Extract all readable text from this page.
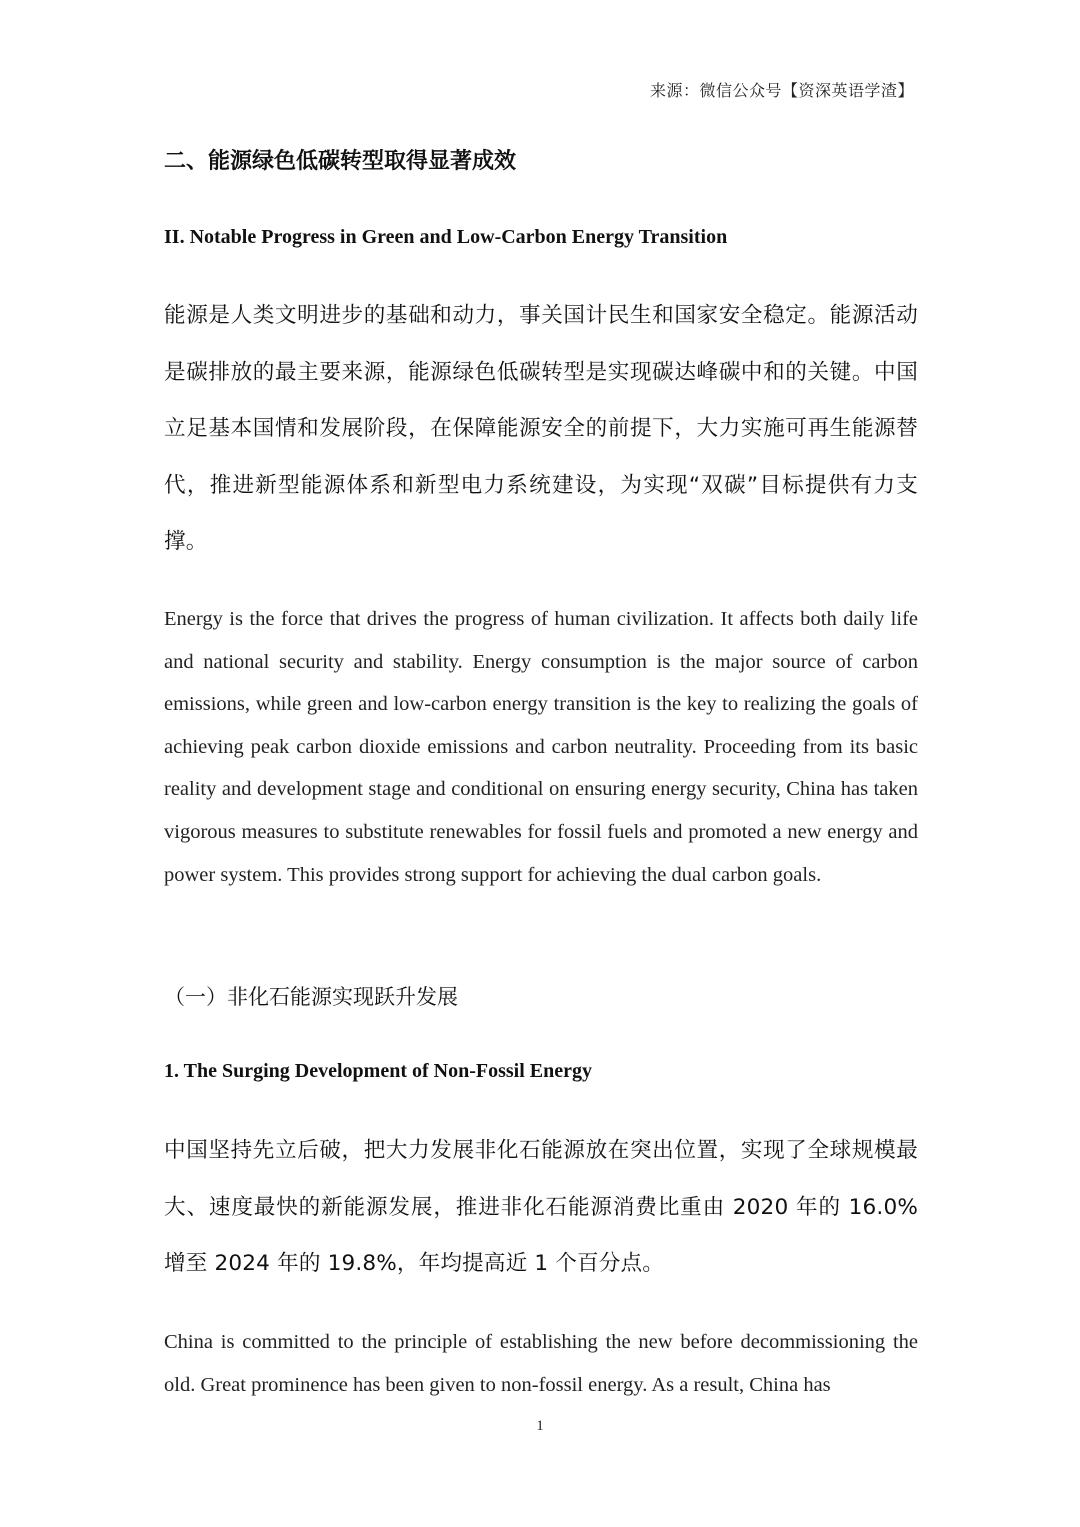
来源：微信公众号【资深英语学渣】
二、能源绿色低碳转型取得显著成效
II. Notable Progress in Green and Low-Carbon Energy Transition

能源是人类文明进步的基础和动力，事关国计民生和国家安全稳定。能源活动是碳排放的最主要来源，能源绿色低碳转型是实现碳达峰碳中和的关键。中国立足基本国情和发展阶段，在保障能源安全的前提下，大力实施可再生能源替代，推进新型能源体系和新型电力系统建设，为实现“双碳”目标提供有力支撑。

Energy is the force that drives the progress of human civilization. It affects both daily life and national security and stability. Energy consumption is the major source of carbon emissions, while green and low-carbon energy transition is the key to realizing the goals of achieving peak carbon dioxide emissions and carbon neutrality. Proceeding from its basic reality and development stage and conditional on ensuring energy security, China has taken vigorous measures to substitute renewables for fossil fuels and promoted a new energy and power system. This provides strong support for achieving the dual carbon goals.

（一）非化石能源实现跃升发展
1. The Surging Development of Non-Fossil Energy

中国坚持先立后破，把大力发展非化石能源放在突出位置，实现了全球规模最大、速度最快的新能源发展，推进非化石能源消费比重由 2020 年的 16.0% 增至 2024 年的 19.8%，年均提高近 1 个百分点。

China is committed to the principle of establishing the new before decommissioning the old. Great prominence has been given to non-fossil energy. As a result, China has

1
